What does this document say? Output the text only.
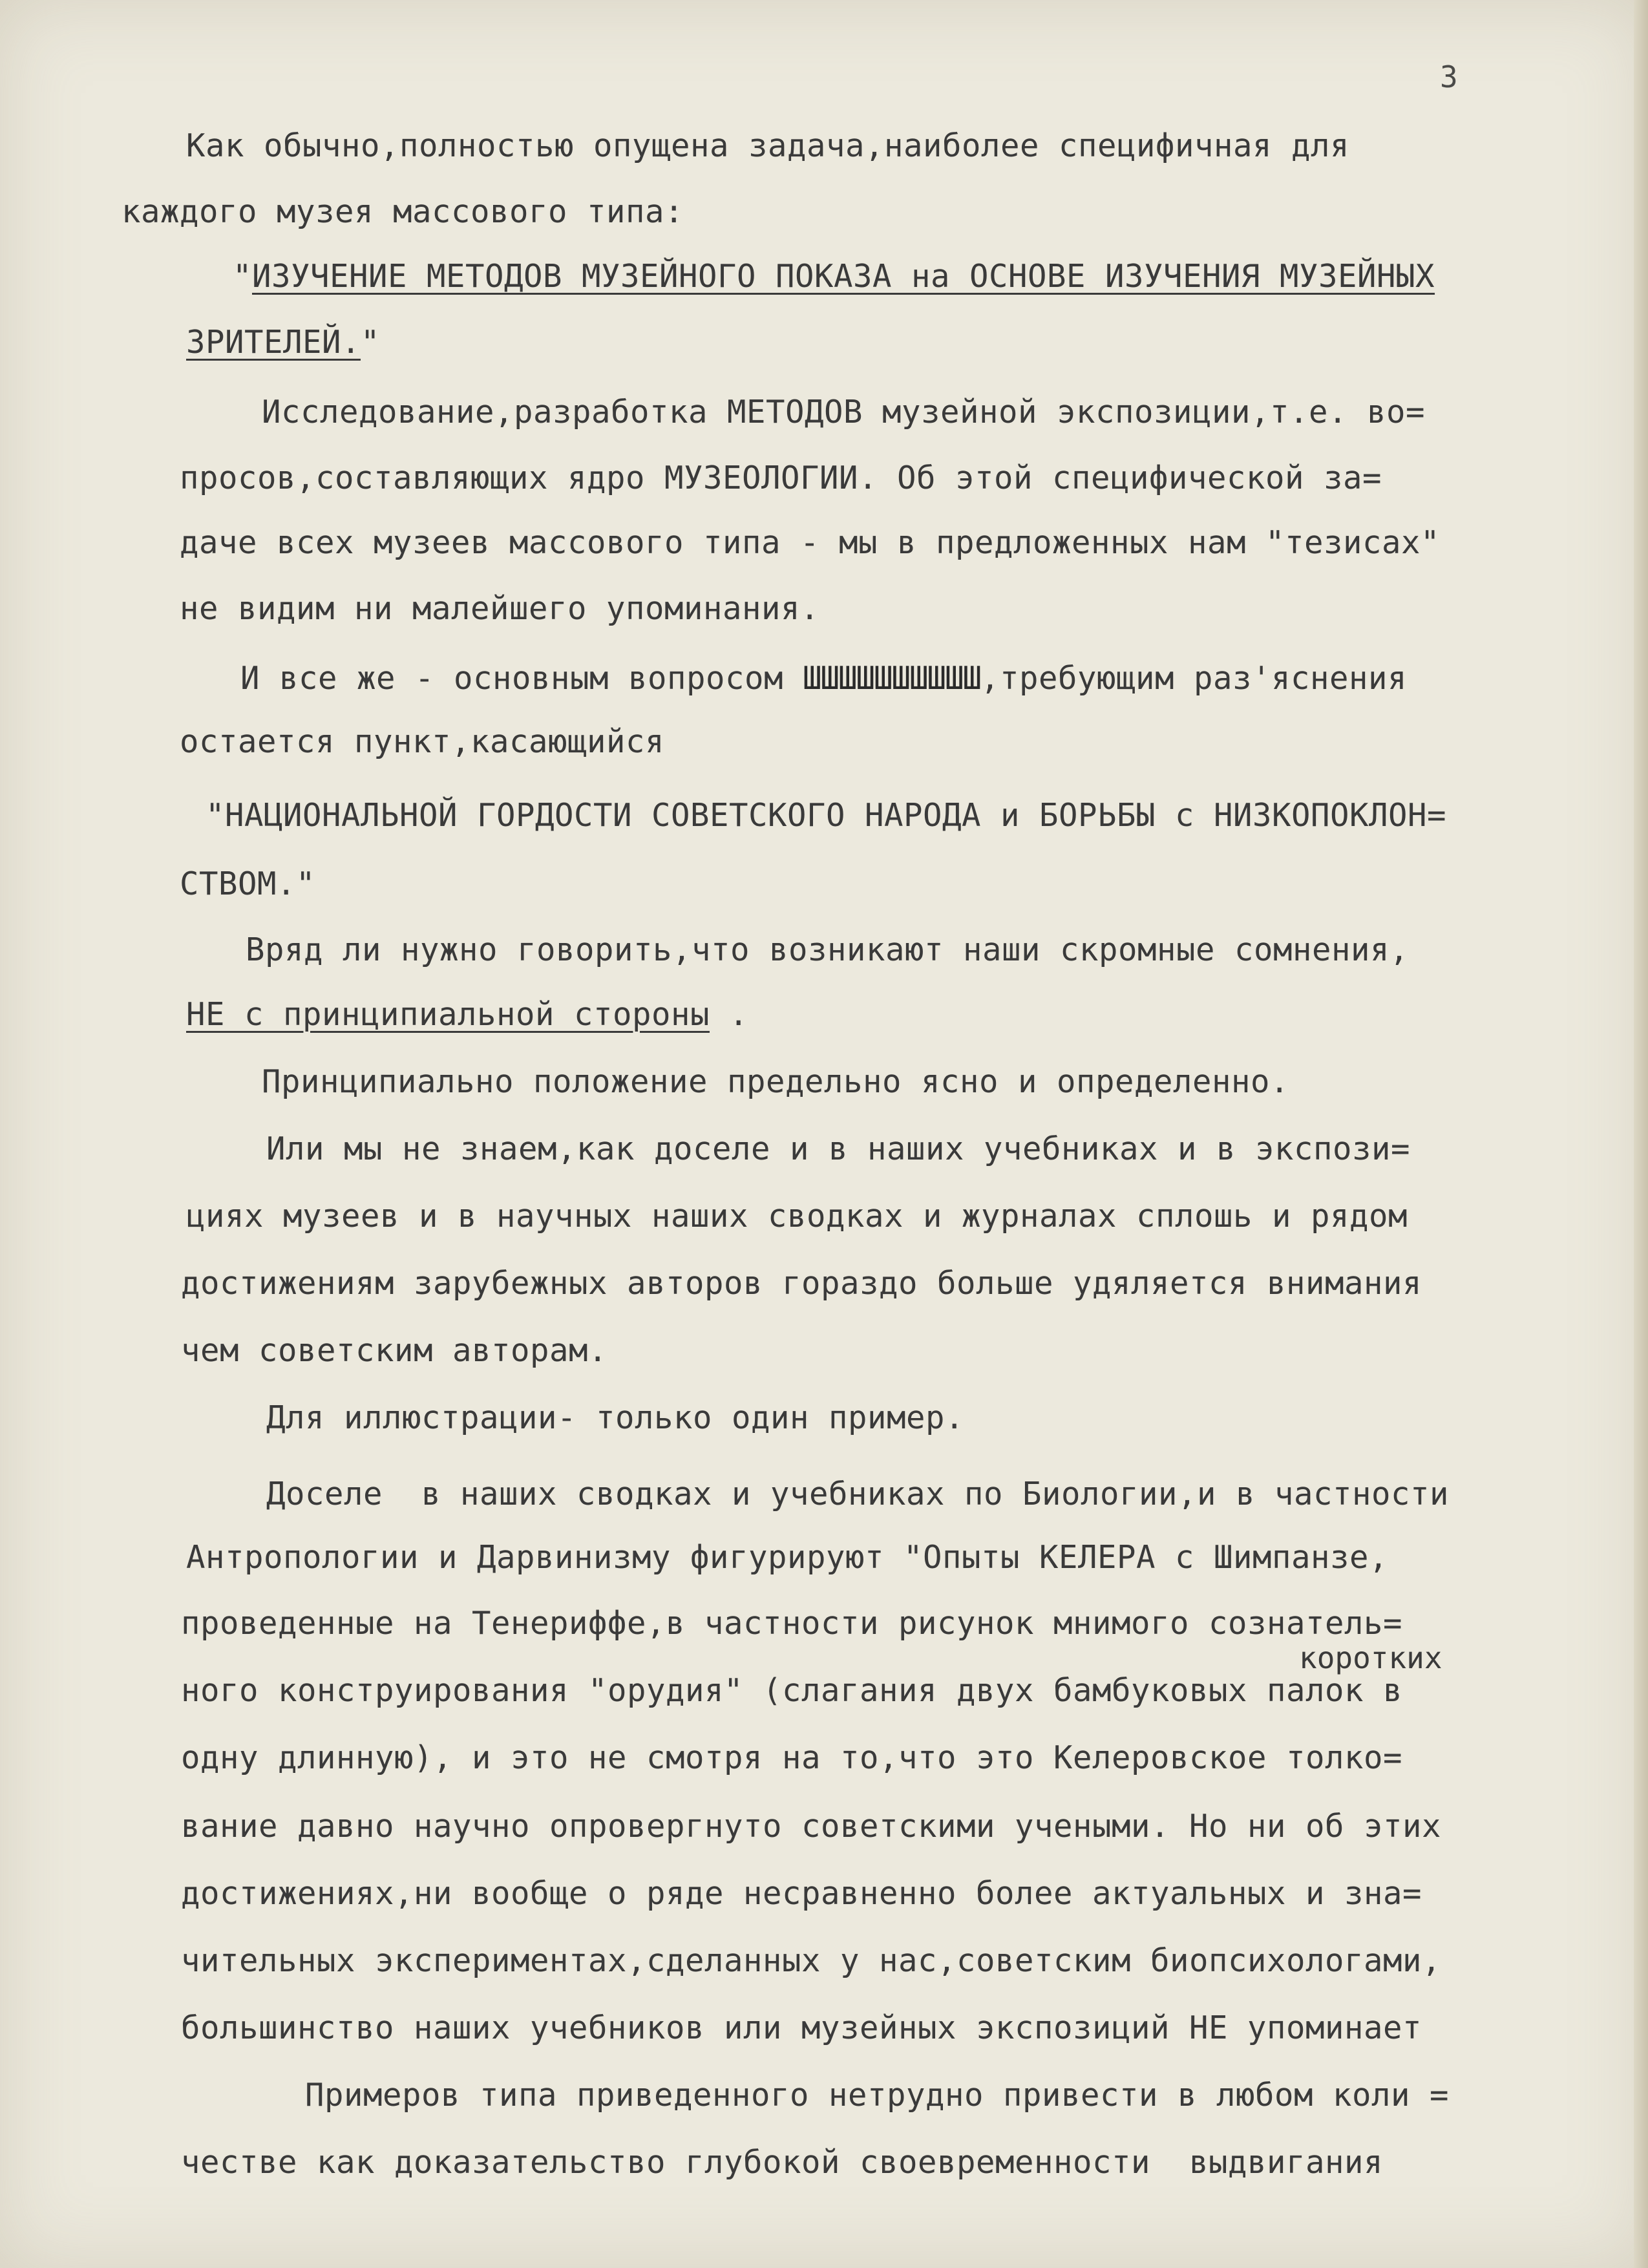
3
Как обычно,полностью опущена задача,наиболее специфичная для
каждого музея массового типа:
"ИЗУЧЕНИЕ МЕТОДОВ МУЗЕЙНОГО ПОКАЗА на ОСНОВЕ ИЗУЧЕНИЯ МУЗЕЙНЫХ
ЗРИТЕЛЕЙ."
Исследование,разработка МЕТОДОВ музейной экспозиции,т.е. во=
просов,составляющих ядро МУЗЕОЛОГИИ. Об этой специфической за=
даче всех музеев массового типа - мы в предложенных нам "тезисах"
не видим ни малейшего упоминания.
И все же - основным вопросом ШШШШШШШШШШ,требующим раз'яснения
остается пункт,касающийся
"НАЦИОНАЛЬНОЙ ГОРДОСТИ СОВЕТСКОГО НАРОДА и БОРЬБЫ с НИЗКОПОКЛОН=
СТВОМ."
Вряд ли нужно говорить,что возникают наши скромные сомнения,
НЕ с принципиальной стороны .
Принципиально положение предельно ясно и определенно.
Или мы не знаем,как доселе и в наших учебниках и в экспози=
циях музеев и в научных наших сводках и журналах сплошь и рядом
достижениям зарубежных авторов гораздо больше удяляется внимания
чем советским авторам.
Для иллюстрации- только один пример.
Доселе  в наших сводках и учебниках по Биологии,и в частности
Антропологии и Дарвинизму фигурируют "Опыты КЕЛЕРА с Шимпанзе,
проведенные на Тенериффе,в частности рисунок мнимого сознатель=
коротких
ного конструирования "орудия" (слагания двух бамбуковых палок в
одну длинную), и это не смотря на то,что это Келеровское толко=
вание давно научно опровергнуто советскими учеными. Но ни об этих
достижениях,ни вообще о ряде несравненно более актуальных и зна=
чительных экспериментах,сделанных у нас,советским биопсихологами,
большинство наших учебников или музейных экспозиций НЕ упоминает
Примеров типа приведенного нетрудно привести в любом коли =
честве как доказательство глубокой своевременности  выдвигания
